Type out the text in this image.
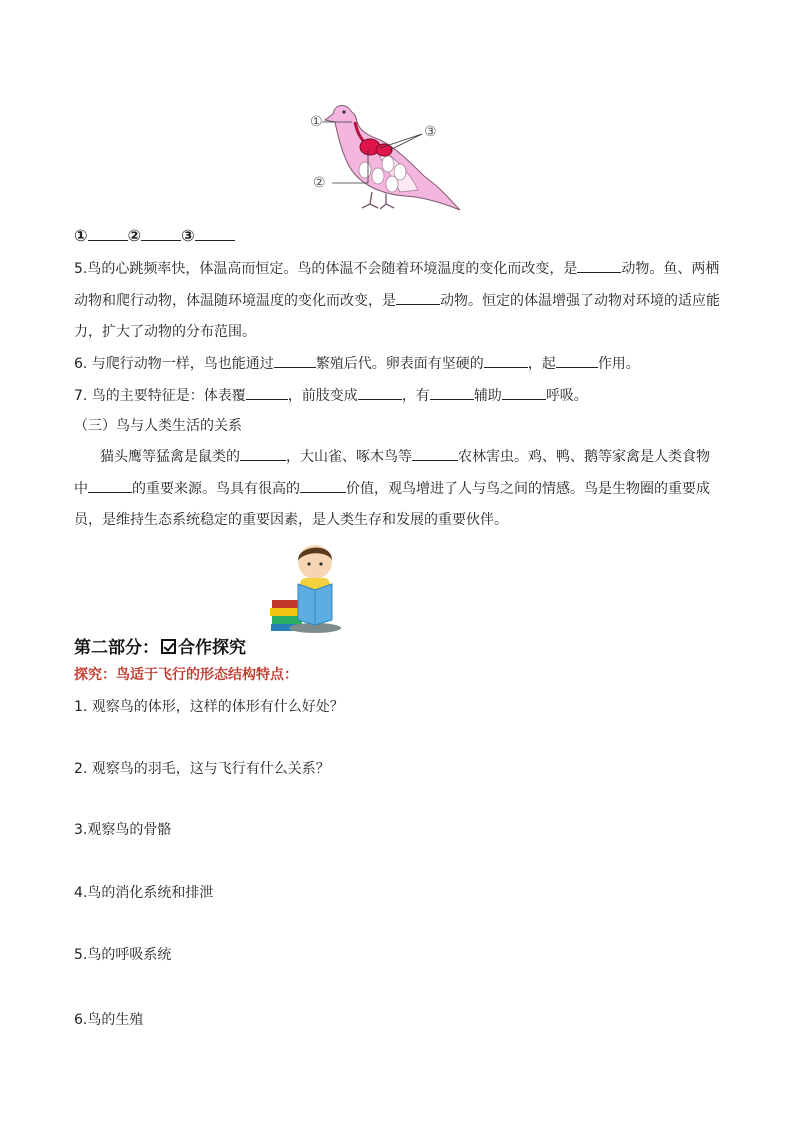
①
②
③
①	②	③
5.鸟的心跳频率快，体温高而恒定。鸟的体温不会随着环境温度的变化而改变，是	动物。鱼、两栖
动物和爬行动物，体温随环境温度的变化而改变，是	动物。恒定的体温增强了动物对环境的适应能
力，扩大了动物的分布范围。
6. 与爬行动物一样，鸟也能通过	繁殖后代。卵表面有坚硬的	，起	作用。
7. 鸟的主要特征是：体表覆	，前肢变成	，有	辅助	呼吸。
（三）鸟与人类生活的关系
猫头鹰等猛禽是鼠类的	，大山雀、啄木鸟等	农林害虫。鸡、鸭、鹅等家禽是人类食物
中	的重要来源。鸟具有很高的	价值，观鸟增进了人与鸟之间的情感。鸟是生物圈的重要成
员，是维持生态系统稳定的重要因素，是人类生存和发展的重要伙伴。
第二部分： 合作探究
探究：鸟适于飞行的形态结构特点：
1. 观察鸟的体形，这样的体形有什么好处？
2. 观察鸟的羽毛，这与飞行有什么关系？
3.观察鸟的骨骼
4.鸟的消化系统和排泄
5.鸟的呼吸系统
6.鸟的生殖
